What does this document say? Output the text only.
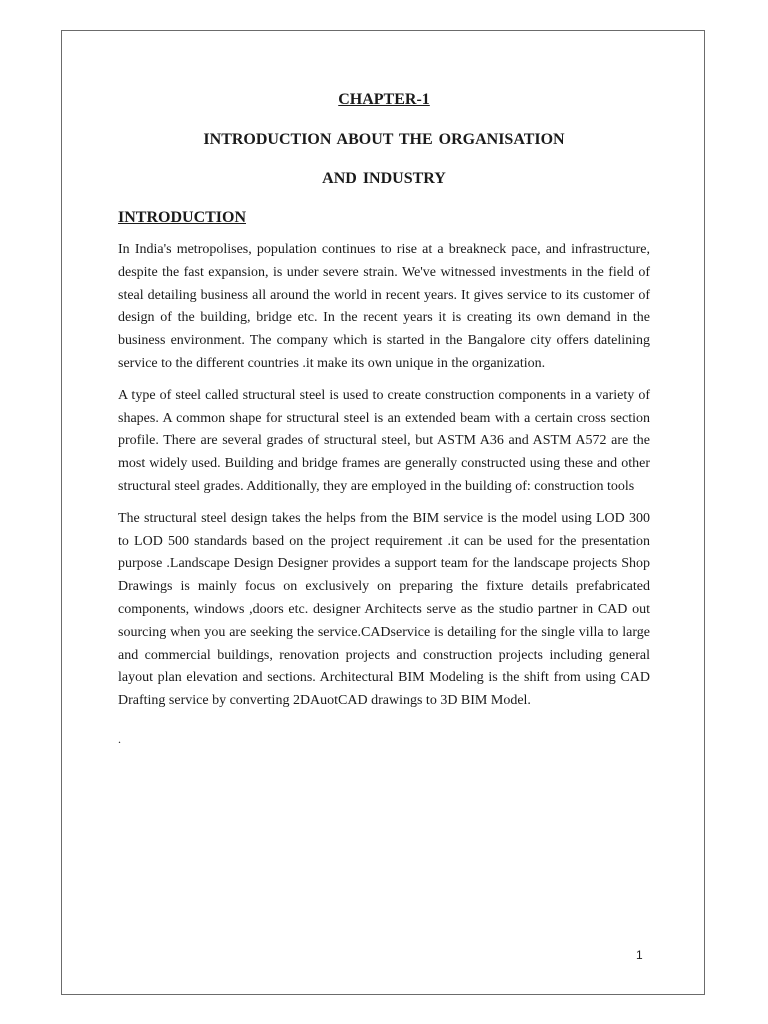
CHAPTER-1
INTRODUCTION ABOUT THE ORGANISATION
AND INDUSTRY
INTRODUCTION

In India's metropolises, population continues to rise at a breakneck pace, and infrastructure, despite the fast expansion, is under severe strain. We've witnessed investments in the field of steal detailing business all around the world in recent years. It gives service to its customer of design of the building, bridge etc. In the recent years it is creating its own demand in the business environment. The company which is started in the Bangalore city offers datelining service to the different countries .it make its own unique in the organization.

A type of steel called structural steel is used to create construction components in a variety of shapes. A common shape for structural steel is an extended beam with a certain cross section profile. There are several grades of structural steel, but ASTM A36 and ASTM A572 are the most widely used. Building and bridge frames are generally constructed using these and other structural steel grades. Additionally, they are employed in the building of: construction tools

The structural steel design takes the helps from the BIM service is the model using LOD 300 to LOD 500 standards based on the project requirement .it can be used for the presentation purpose .Landscape Design Designer provides a support team for the landscape projects Shop Drawings is mainly focus on exclusively on preparing the fixture details prefabricated components, windows ,doors etc. designer Architects serve as the studio partner in CAD out sourcing when you are seeking the service.CADservice is detailing for the single villa to large and commercial buildings, renovation projects and construction projects including general layout plan elevation and sections. Architectural BIM Modeling is the shift from using CAD Drafting service by converting 2DAuotCAD drawings to 3D BIM Model.

.
1
